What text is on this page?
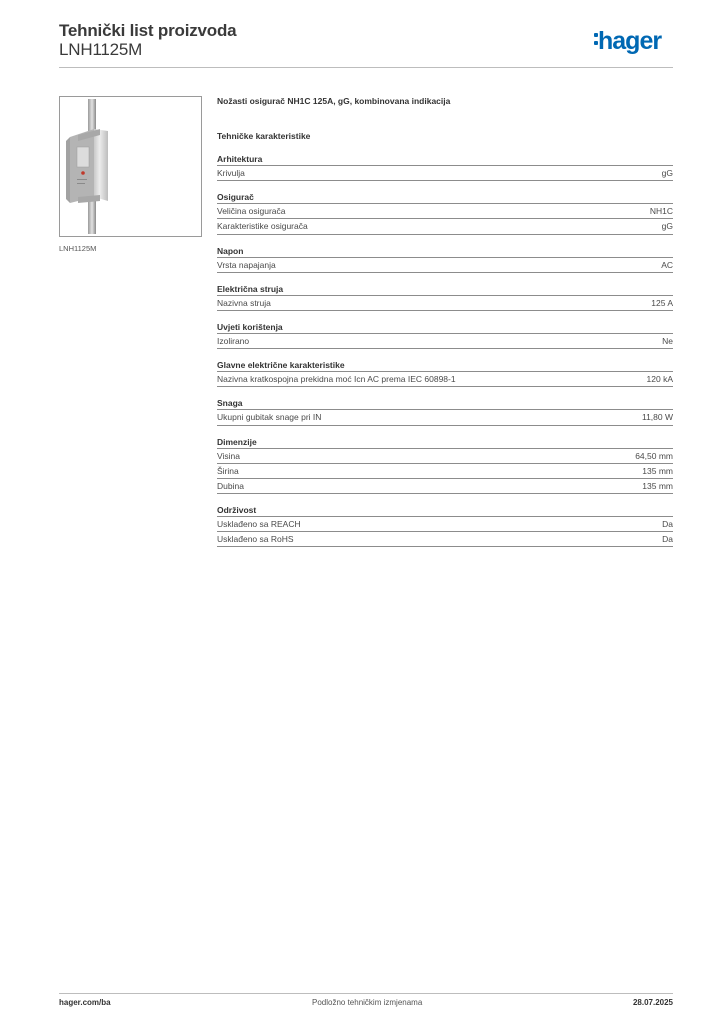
Tehnički list proizvoda
LNH1125M	hager
LNH1125M
Nožasti osigurač NH1C 125A, gG, kombinovana indikacija
Tehničke karakteristike
Arhitektura
Krivulja	gG
Osigurač
Veličina osigurača	NH1C
Karakteristike osigurača	gG
Napon
Vrsta napajanja	AC
Električna struja
Nazivna struja	125 A
Uvjeti korištenja
Izolirano	Ne
Glavne električne karakteristike
Nazivna kratkospojna prekidna moć Icn AC prema IEC 60898-1	120 kA
Snaga
Ukupni gubitak snage pri IN	11,80 W
Dimenzije
Visina	64,50 mm
Širina	135 mm
Dubina	135 mm
Održivost
Usklađeno sa REACH	Da
Usklađeno sa RoHS	Da
hager.com/ba	Podložno tehničkim izmjenama	28.07.2025
